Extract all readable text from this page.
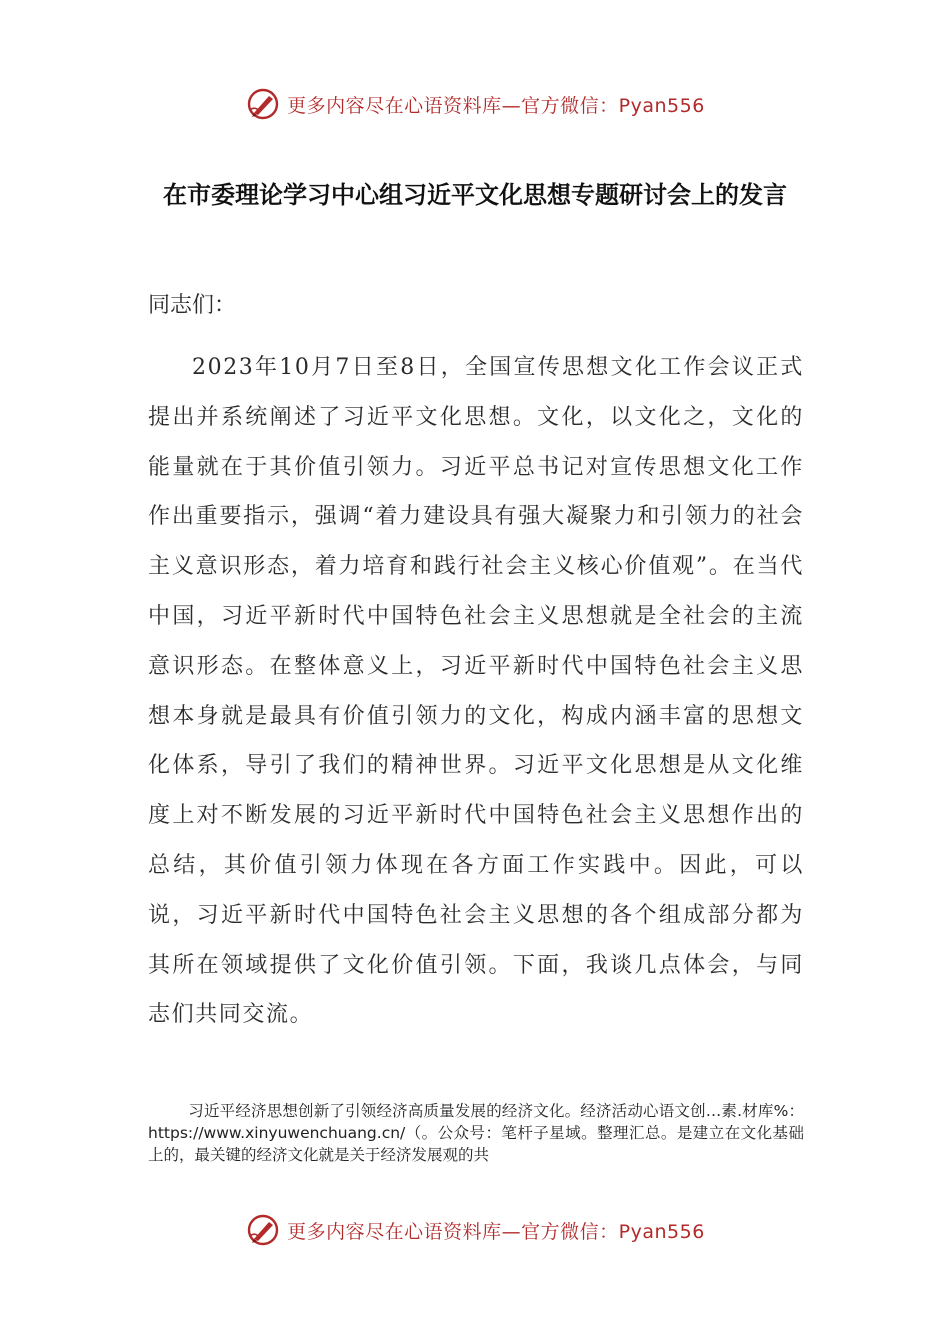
更多内容尽在心语资料库—官方微信：Pyan556
在市委理论学习中心组习近平文化思想专题研讨会上的发言

同志们：

2023年10月7日至8日，全国宣传思想文化工作会议正式提出并系统阐述了习近平文化思想。文化，以文化之，文化的能量就在于其价值引领力。习近平总书记对宣传思想文化工作作出重要指示，强调“着力建设具有强大凝聚力和引领力的社会主义意识形态，着力培育和践行社会主义核心价值观”。在当代中国，习近平新时代中国特色社会主义思想就是全社会的主流意识形态。在整体意义上，习近平新时代中国特色社会主义思想本身就是最具有价值引领力的文化，构成内涵丰富的思想文化体系，导引了我们的精神世界。习近平文化思想是从文化维度上对不断发展的习近平新时代中国特色社会主义思想作出的总结，其价值引领力体现在各方面工作实践中。因此，可以说，习近平新时代中国特色社会主义思想的各个组成部分都为其所在领域提供了文化价值引领。下面，我谈几点体会，与同志们共同交流。

习近平经济思想创新了引领经济高质量发展的经济文化。经济活动心语文创…素.材库%：https://www.xinyuwenchuang.cn/（。公众号：笔杆子星域。整理汇总。是建立在文化基础上的，最关键的经济文化就是关于经济发展观的共

更多内容尽在心语资料库—官方微信：Pyan556
